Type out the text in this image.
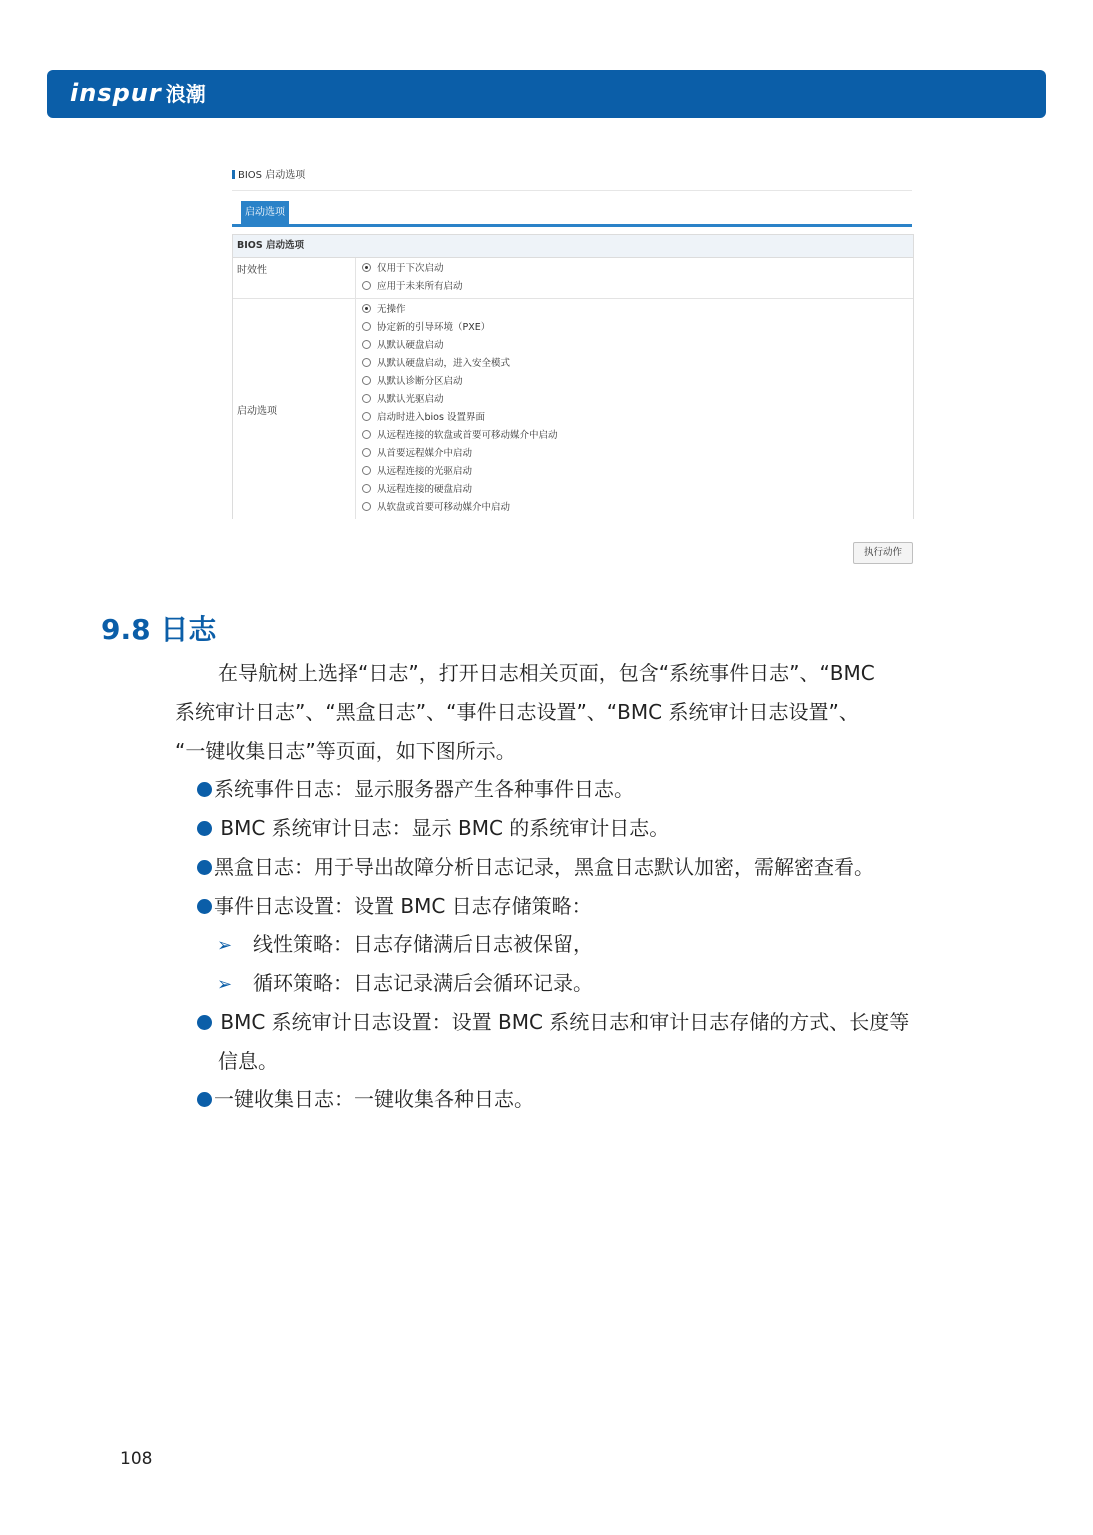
inspur 浪潮
BIOS 启动选项
启动选项
BIOS 启动选项
时效性	仅用于下次启动
应用于未来所有启动
启动选项
无操作
协定新的引导环境（PXE）
从默认硬盘启动
从默认硬盘启动，进入安全模式
从默认诊断分区启动
从默认光驱启动
启动时进入bios 设置界面
从远程连接的软盘或首要可移动媒介中启动
从首要远程媒介中启动
从远程连接的光驱启动
从远程连接的硬盘启动
从软盘或首要可移动媒介中启动
执行动作
9.8 日志
在导航树上选择“日志”，打开日志相关页面，包含“系统事件日志”、“BMC
系统审计日志”、“黑盒日志”、“事件日志设置”、“BMC 系统审计日志设置”、
“一键收集日志”等页面，如下图所示。
系统事件日志：显示服务器产生各种事件日志。
BMC 系统审计日志：显示 BMC 的系统审计日志。
黑盒日志：用于导出故障分析日志记录，黑盒日志默认加密，需解密查看。
事件日志设置：设置 BMC 日志存储策略：
➢ 线性策略：日志存储满后日志被保留，
➢ 循环策略：日志记录满后会循环记录。
BMC 系统审计日志设置：设置 BMC 系统日志和审计日志存储的方式、长度等
信息。
一键收集日志：一键收集各种日志。
108
